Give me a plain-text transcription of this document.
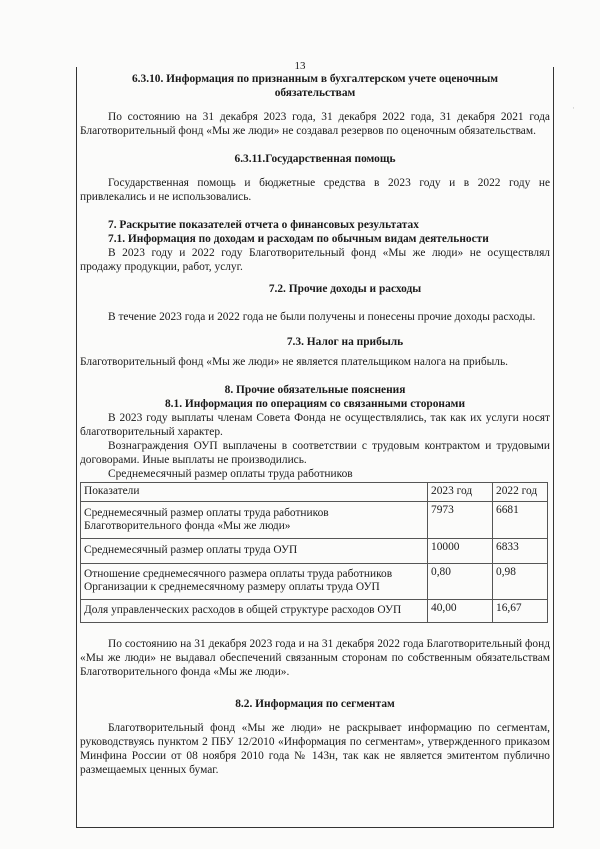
13
·
6.3.10. Информация по признанным в бухгалтерском учете оценочным
обязательствам

По состоянию на 31 декабря 2023 года, 31 декабря 2022 года, 31 декабря 2021 года Благотворительный фонд «Мы же люди» не создавал резервов по оценочным обязательствам.

6.3.11.Государственная помощь

Государственная помощь и бюджетные средства в 2023 году и в 2022 году не привлекались и не использовались.

7. Раскрытие показателей отчета о финансовых результатах
7.1. Информация по доходам и расходам по обычным видам деятельности

В 2023 году и 2022 году Благотворительный фонд «Мы же люди» не осуществлял продажу продукции, работ, услуг.

7.2. Прочие доходы и расходы

В течение 2023 года и 2022 года не были получены и понесены прочие доходы расходы.

7.3. Налог на прибыль

Благотворительный фонд «Мы же люди» не является плательщиком налога на прибыль.

8. Прочие обязательные пояснения
8.1. Информация по операциям со связанными сторонами

В 2023 году выплаты членам Совета Фонда не осуществлялись, так как их услуги носят благотворительный характер.

Вознаграждения ОУП выплачены в соответствии с трудовым контрактом и трудовыми договорами. Иные выплаты не производились.

Среднемесячный размер оплаты труда работников

Показатели	2023 год	2022 год
Среднемесячный размер оплаты труда работников Благотворительного фонда «Мы же люди»	7973	6681
Среднемесячный размер оплаты труда ОУП	10000	6833
Отношение среднемесячного размера оплаты труда работников Организации к среднемесячному размеру оплаты труда ОУП	0,80	0,98
Доля управленческих расходов в общей структуре расходов ОУП	40,00	16,67

По состоянию на 31 декабря 2023 года и на 31 декабря 2022 года Благотворительный фонд «Мы же люди» не выдавал обеспечений связанным сторонам по собственным обязательствам Благотворительного фонда «Мы же люди».

8.2. Информация по сегментам

Благотворительный фонд «Мы же люди» не раскрывает информацию по сегментам, руководствуясь пунктом 2 ПБУ 12/2010 «Информация по сегментам», утвержденного приказом Минфина России от 08 ноября 2010 года № 143н, так как не является эмитентом публично размещаемых ценных бумаг.
